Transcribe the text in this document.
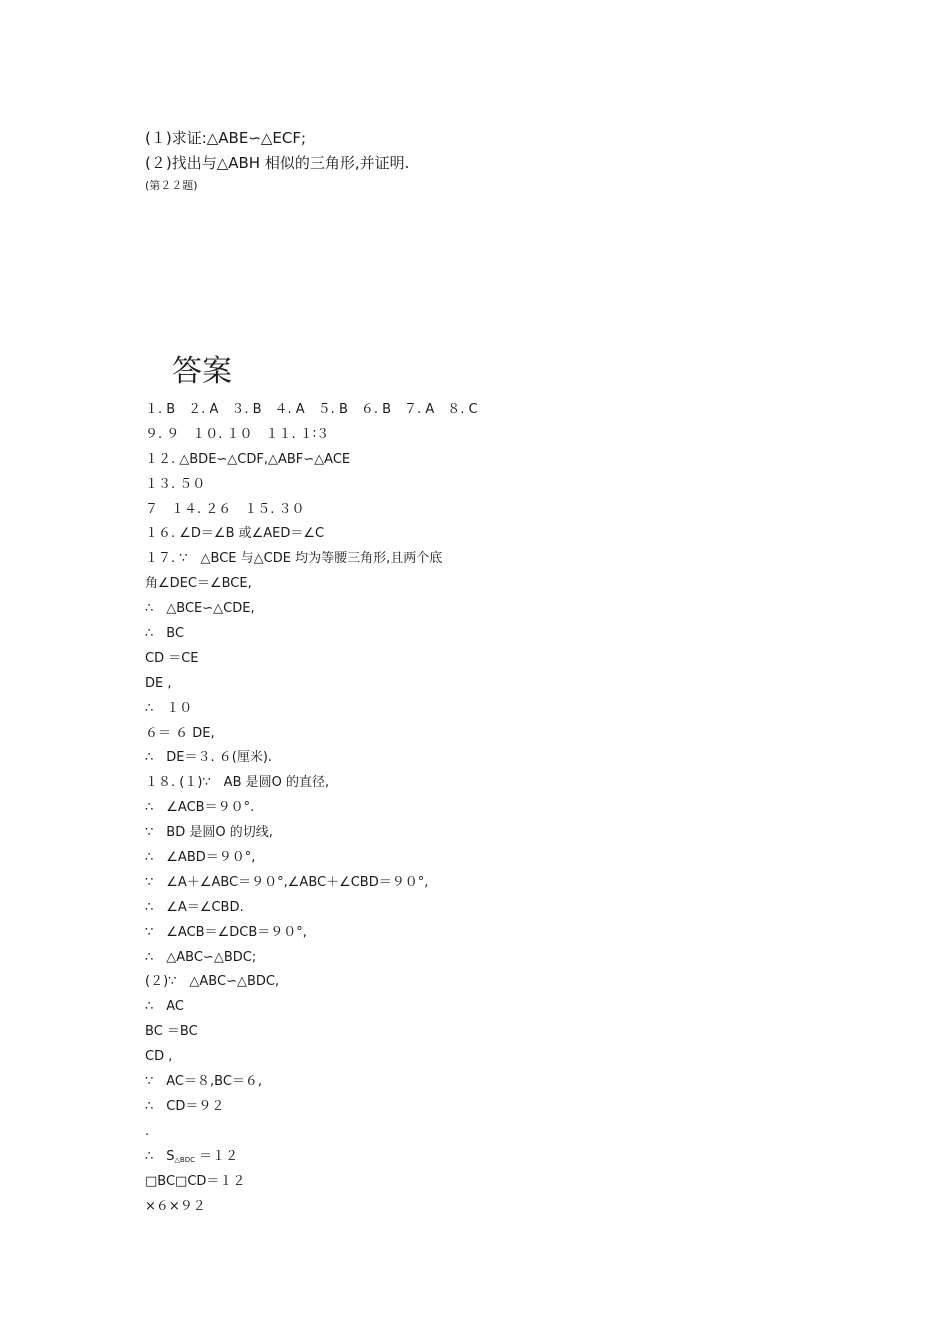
(１)求证:△ABE∽△ECF;
(２)找出与△ABH 相似的三角形,并证明.
(第２２题)
答案
１. B　２. A　３. B　４. A　５. B　６. B　７. A　８. C
９. ９　１０. １０　１１. １∶３
１２. △BDE∽△CDF,△ABF∽△ACE
１３. ５０
７　１４. ２６　１５. ３０
１６. ∠D＝∠B 或∠AED＝∠C
１７. ∵　△BCE 与△CDE 均为等腰三角形,且两个底
角∠DEC＝∠BCE,
∴　△BCE∽△CDE,
∴　BC
CD ＝CE
DE ,
∴　１０
６＝ ６ DE,
∴　DE＝３. ６(厘米).
１８. (１)∵　AB 是圆O 的直径,
∴　∠ACB＝９０°.
∵　BD 是圆O 的切线,
∴　∠ABD＝９０°,
∵　∠A＋∠ABC＝９０°,∠ABC＋∠CBD＝９０°,
∴　∠A＝∠CBD.
∵　∠ACB＝∠DCB＝９０°,
∴　△ABC∽△BDC;
(２)∵　△ABC∽△BDC,
∴　AC
BC ＝BC
CD ,
∵　AC＝８,BC＝６,
∴　CD＝９２
.
∴　$S_{\triangle BDC} =12$
□BC□CD＝１２
×６×９２
